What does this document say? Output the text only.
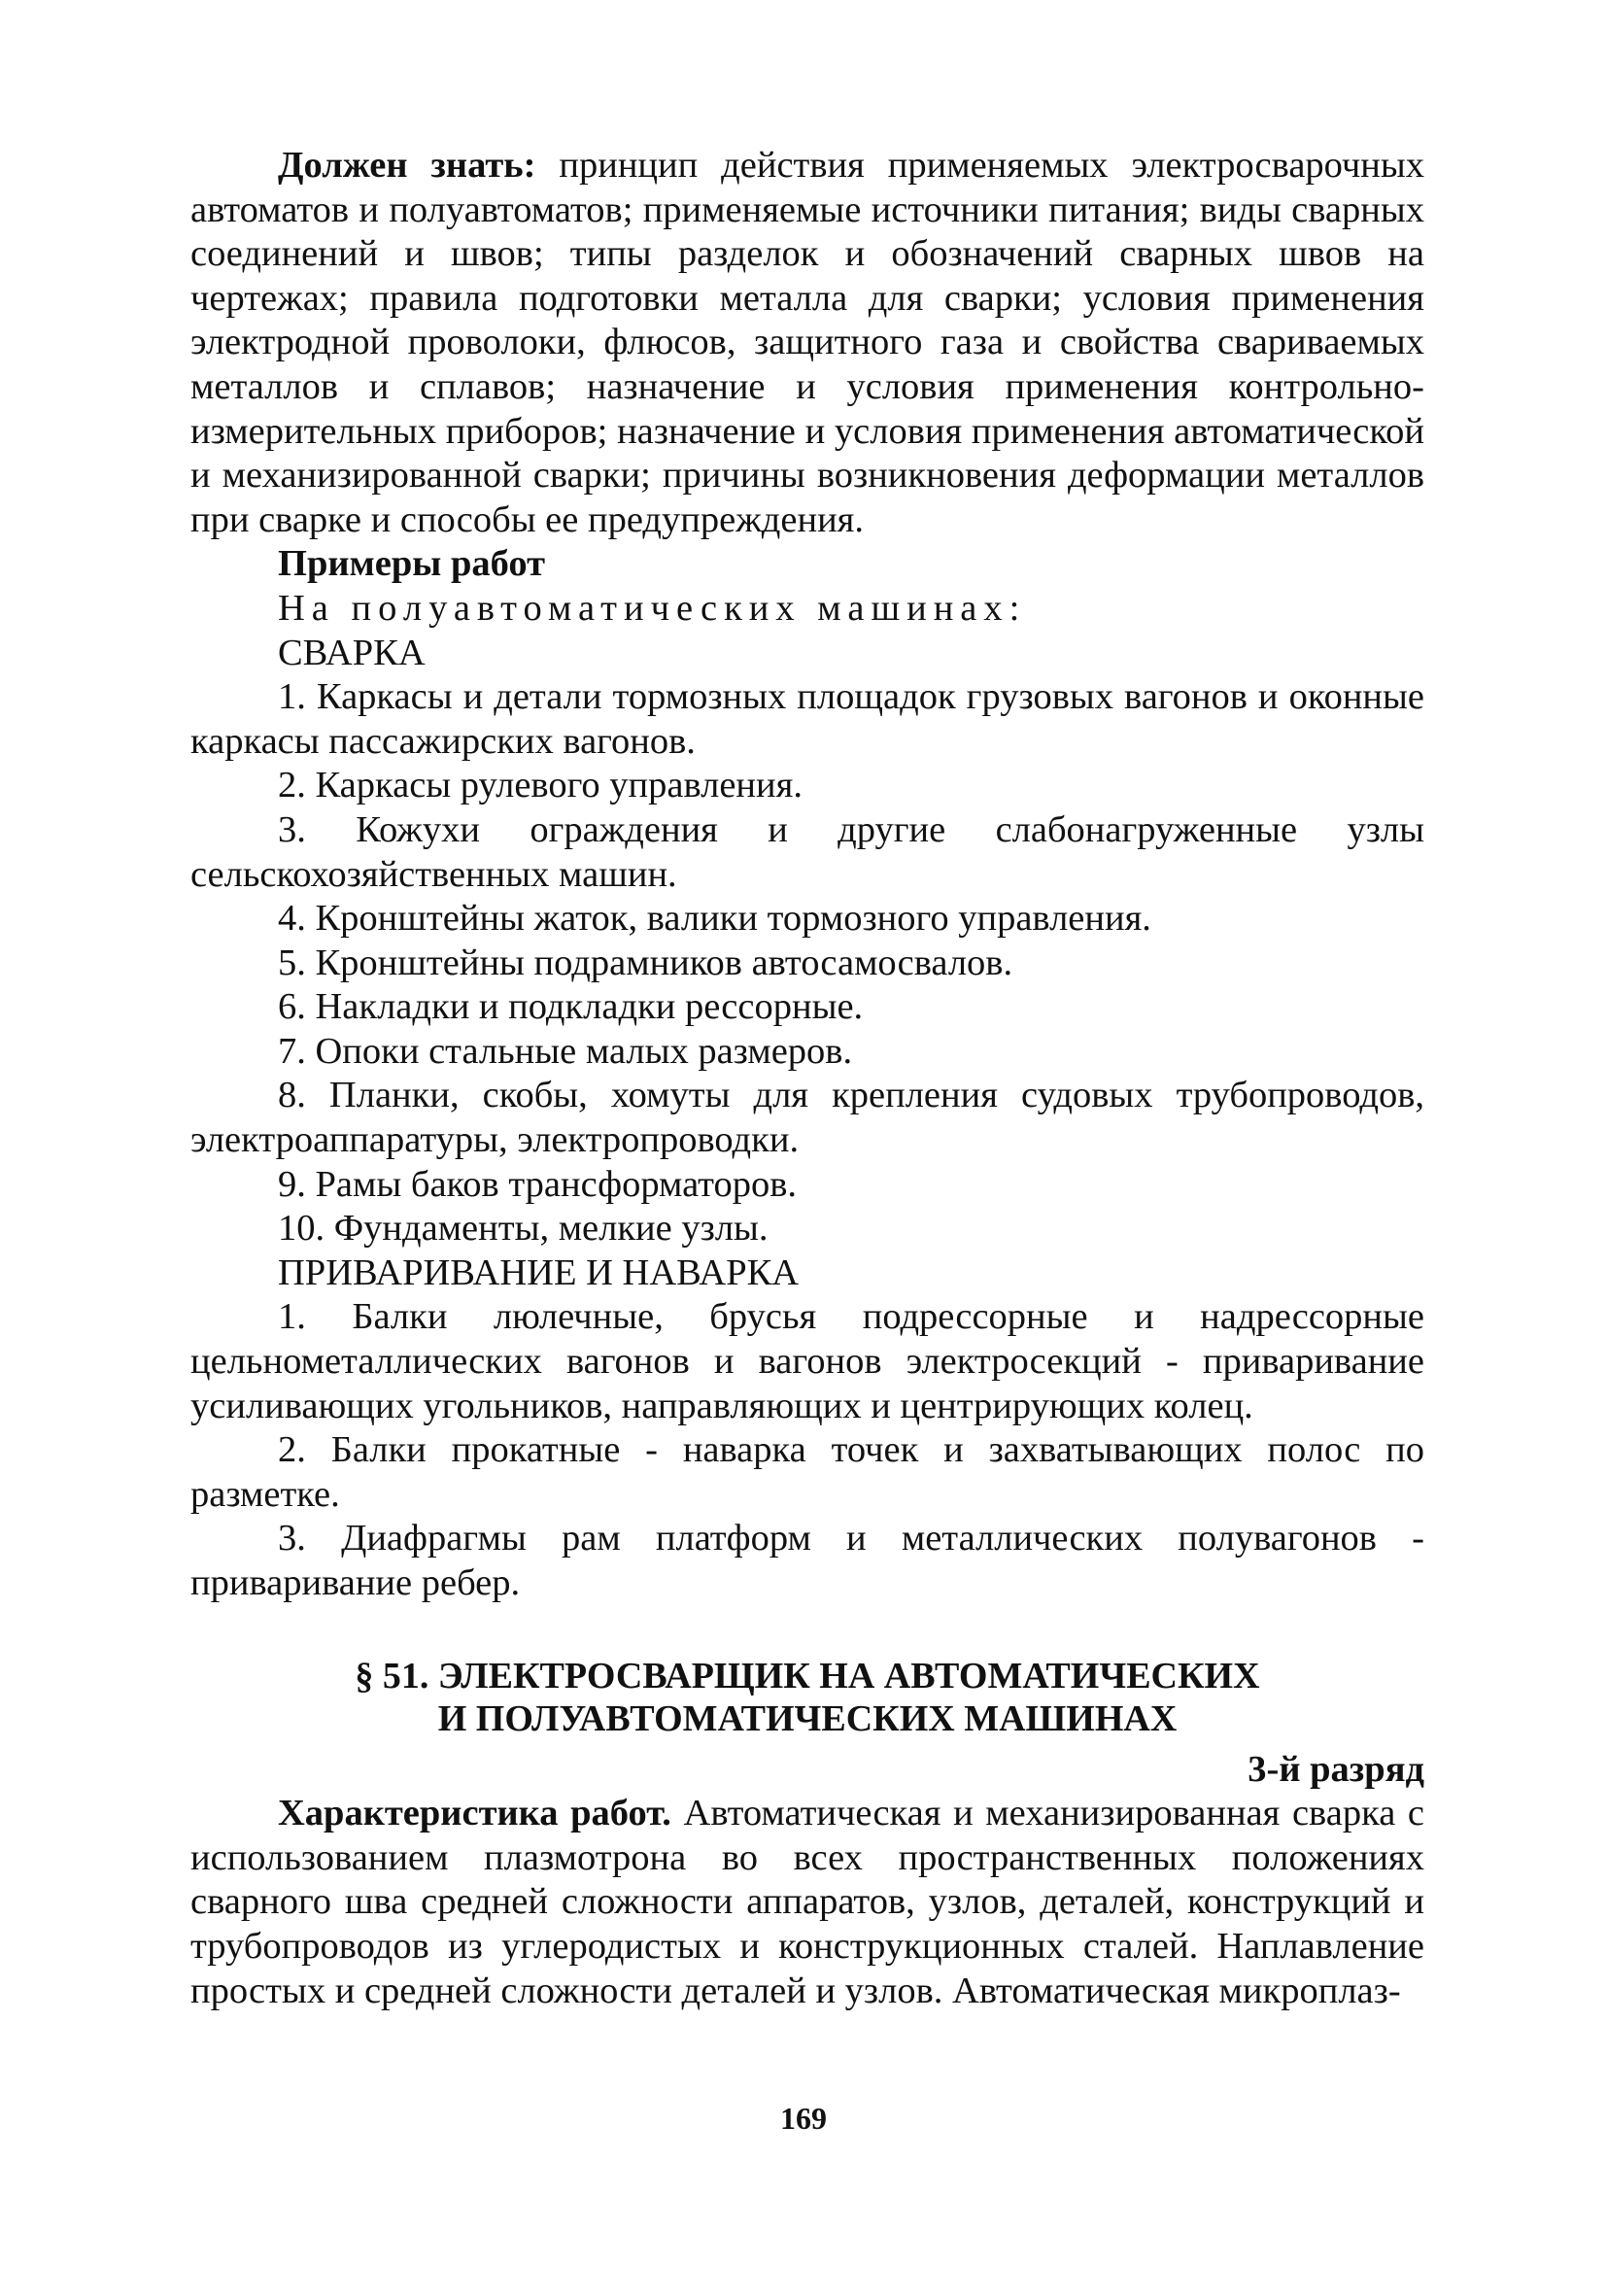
Должен знать: принцип действия применяемых электросварочных автоматов и полуавтоматов; применяемые источники питания; виды сварных соединений и швов; типы разделок и обозначений сварных швов на чертежах; правила подготовки металла для сварки; условия применения электродной проволоки, флюсов, защитного газа и свойства свариваемых металлов и сплавов; назначение и условия применения контрольно-измерительных приборов; назначение и условия применения автоматической и механизированной сварки; причины возникновения деформации металлов при сварке и способы ее предупреждения.

Примеры работ

На полуавтоматических машинах:

СВАРКА

1. Каркасы и детали тормозных площадок грузовых вагонов и оконные каркасы пассажирских вагонов.

2. Каркасы рулевого управления.

3. Кожухи ограждения и другие слабонагруженные узлы сельскохозяйственных машин.

4. Кронштейны жаток, валики тормозного управления.

5. Кронштейны подрамников автосамосвалов.

6. Накладки и подкладки рессорные.

7. Опоки стальные малых размеров.

8. Планки, скобы, хомуты для крепления судовых трубопроводов, электроаппаратуры, электропроводки.

9. Рамы баков трансформаторов.

10. Фундаменты, мелкие узлы.

ПРИВАРИВАНИЕ И НАВАРКА

1. Балки люлечные, брусья подрессорные и надрессорные цельнометаллических вагонов и вагонов электросекций - приваривание усиливающих угольников, направляющих и центрирующих колец.

2. Балки прокатные - наварка точек и захватывающих полос по разметке.

3. Диафрагмы рам платформ и металлических полувагонов - приваривание ребер.

§ 51. ЭЛЕКТРОСВАРЩИК НА АВТОМАТИЧЕСКИХ
И ПОЛУАВТОМАТИЧЕСКИХ МАШИНАХ

3-й разряд

Характеристика работ. Автоматическая и механизированная сварка с использованием плазмотрона во всех пространственных положениях сварного шва средней сложности аппаратов, узлов, деталей, конструкций и трубопроводов из углеродистых и конструкционных сталей. Наплавление простых и средней сложности деталей и узлов. Автоматическая микроплаз-

169
